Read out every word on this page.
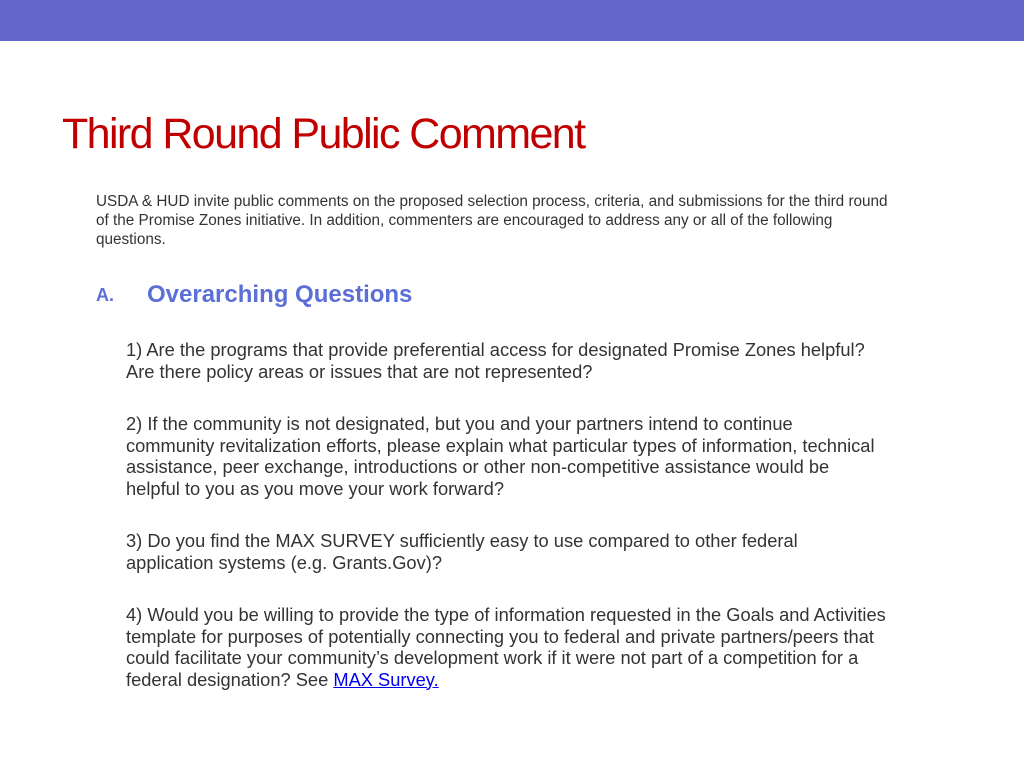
Third Round Public Comment

USDA & HUD invite public comments on the proposed selection process, criteria, and submissions for the third round of the Promise Zones initiative. In addition, commenters are encouraged to address any or all of the following questions.

A.	Overarching Questions
1) Are the programs that provide preferential access for designated Promise Zones helpful? Are there policy areas or issues that are not represented?
2) If the community is not designated, but you and your partners intend to continue community revitalization efforts, please explain what particular types of information, technical assistance, peer exchange, introductions or other non-competitive assistance would be helpful to you as you move your work forward?
3) Do you find the MAX SURVEY sufficiently easy to use compared to other federal application systems (e.g. Grants.Gov)?
4) Would you be willing to provide the type of information requested in the Goals and Activities template for purposes of potentially connecting you to federal and private partners/peers that could facilitate your community’s development work if it were not part of a competition for a federal designation? See MAX Survey.
